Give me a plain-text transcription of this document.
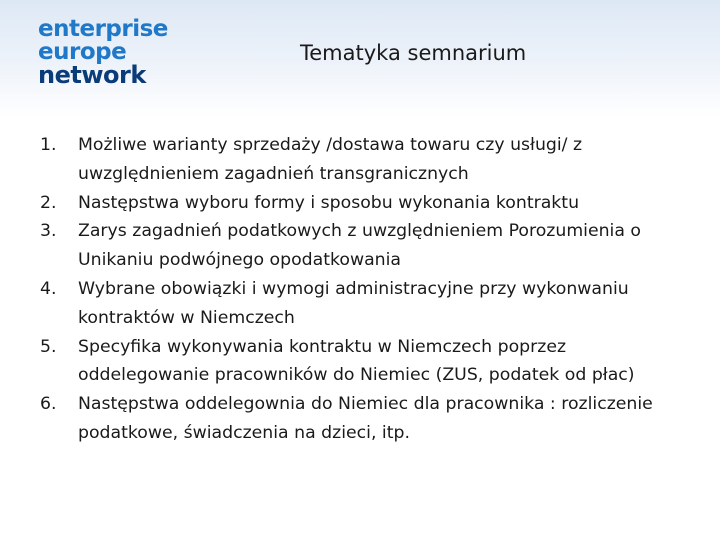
enterprise
europe
network
Tematyka semnarium
1.	Możliwe warianty sprzedaży /dostawa towaru czy usługi/ z uwzględnieniem zagadnień transgranicznych
2.	Następstwa wyboru formy i sposobu wykonania kontraktu
3.	Zarys zagadnień podatkowych z uwzględnieniem Porozumienia o Unikaniu podwójnego opodatkowania
4.	Wybrane obowiązki i wymogi administracyjne przy wykonwaniu kontraktów w Niemczech
5.	Specyfika wykonywania kontraktu w Niemczech poprzez oddelegowanie pracowników do Niemiec (ZUS, podatek od płac)
6.	Następstwa oddelegownia do Niemiec dla pracownika : rozliczenie podatkowe, świadczenia na dzieci, itp.
